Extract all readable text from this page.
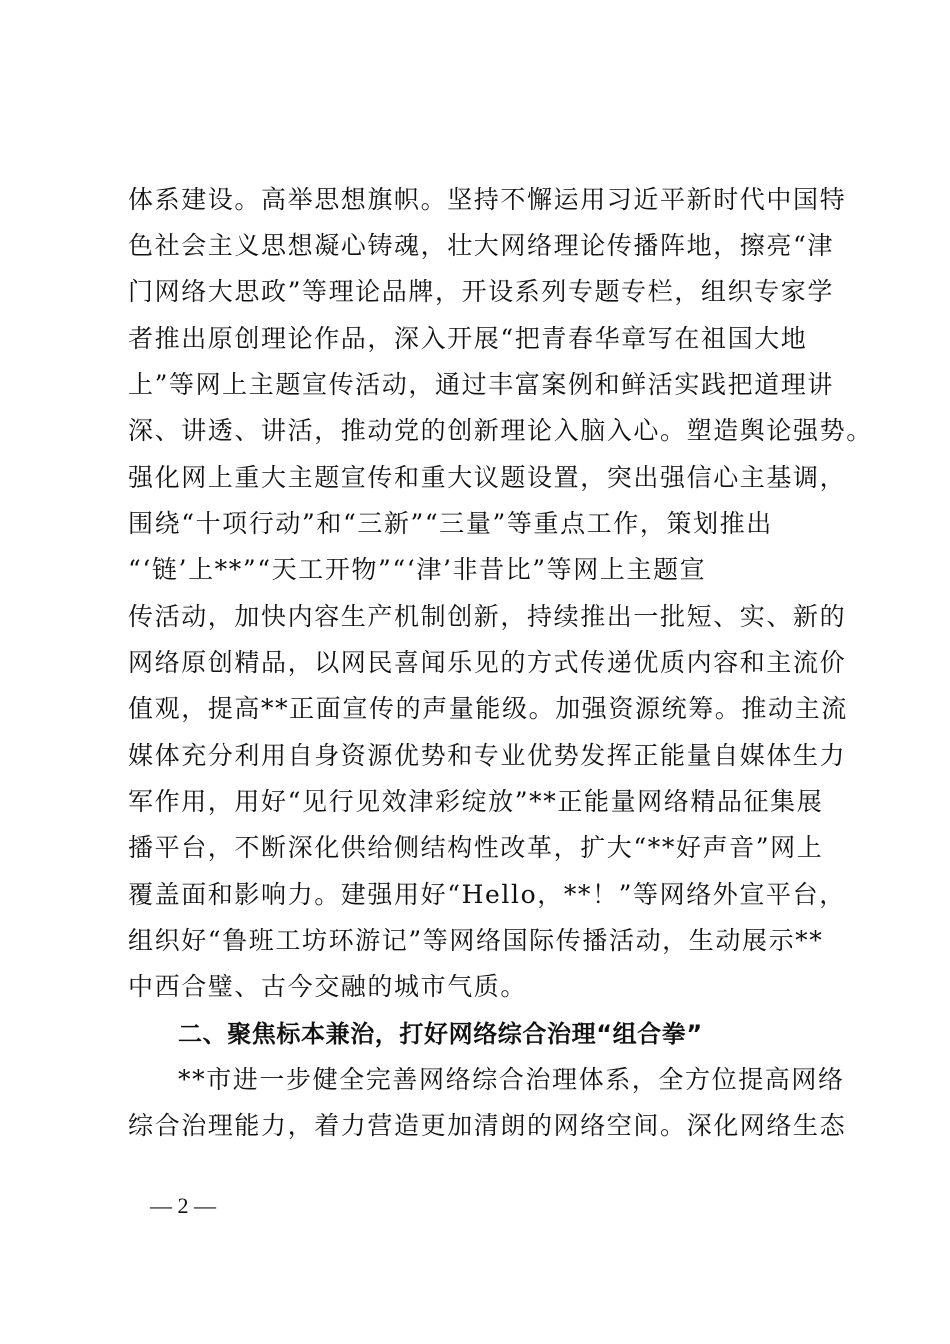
体系建设。高举思想旗帜。坚持不懈运用习近平新时代中国特
色社会主义思想凝心铸魂，壮大网络理论传播阵地，擦亮“津
门网络大思政”等理论品牌，开设系列专题专栏，组织专家学
者推出原创理论作品，深入开展“把青春华章写在祖国大地
上”等网上主题宣传活动，通过丰富案例和鲜活实践把道理讲
深、讲透、讲活，推动党的创新理论入脑入心。塑造舆论强势。
强化网上重大主题宣传和重大议题设置，突出强信心主基调，
围绕“十项行动”和“三新”“三量”等重点工作，策划推出
“‘链’上**”“天工开物”“‘津’非昔比”等网上主题宣
传活动，加快内容生产机制创新，持续推出一批短、实、新的
网络原创精品，以网民喜闻乐见的方式传递优质内容和主流价
值观，提高**正面宣传的声量能级。加强资源统筹。推动主流
媒体充分利用自身资源优势和专业优势发挥正能量自媒体生力
军作用，用好“见行见效津彩绽放”**正能量网络精品征集展
播平台，不断深化供给侧结构性改革，扩大“**好声音”网上
覆盖面和影响力。建强用好“Hello，**！”等网络外宣平台，
组织好“鲁班工坊环游记”等网络国际传播活动，生动展示**
中西合璧、古今交融的城市气质。
二、聚焦标本兼治，打好网络综合治理“组合拳”
**市进一步健全完善网络综合治理体系，全方位提高网络
综合治理能力，着力营造更加清朗的网络空间。深化网络生态
— 2 —
